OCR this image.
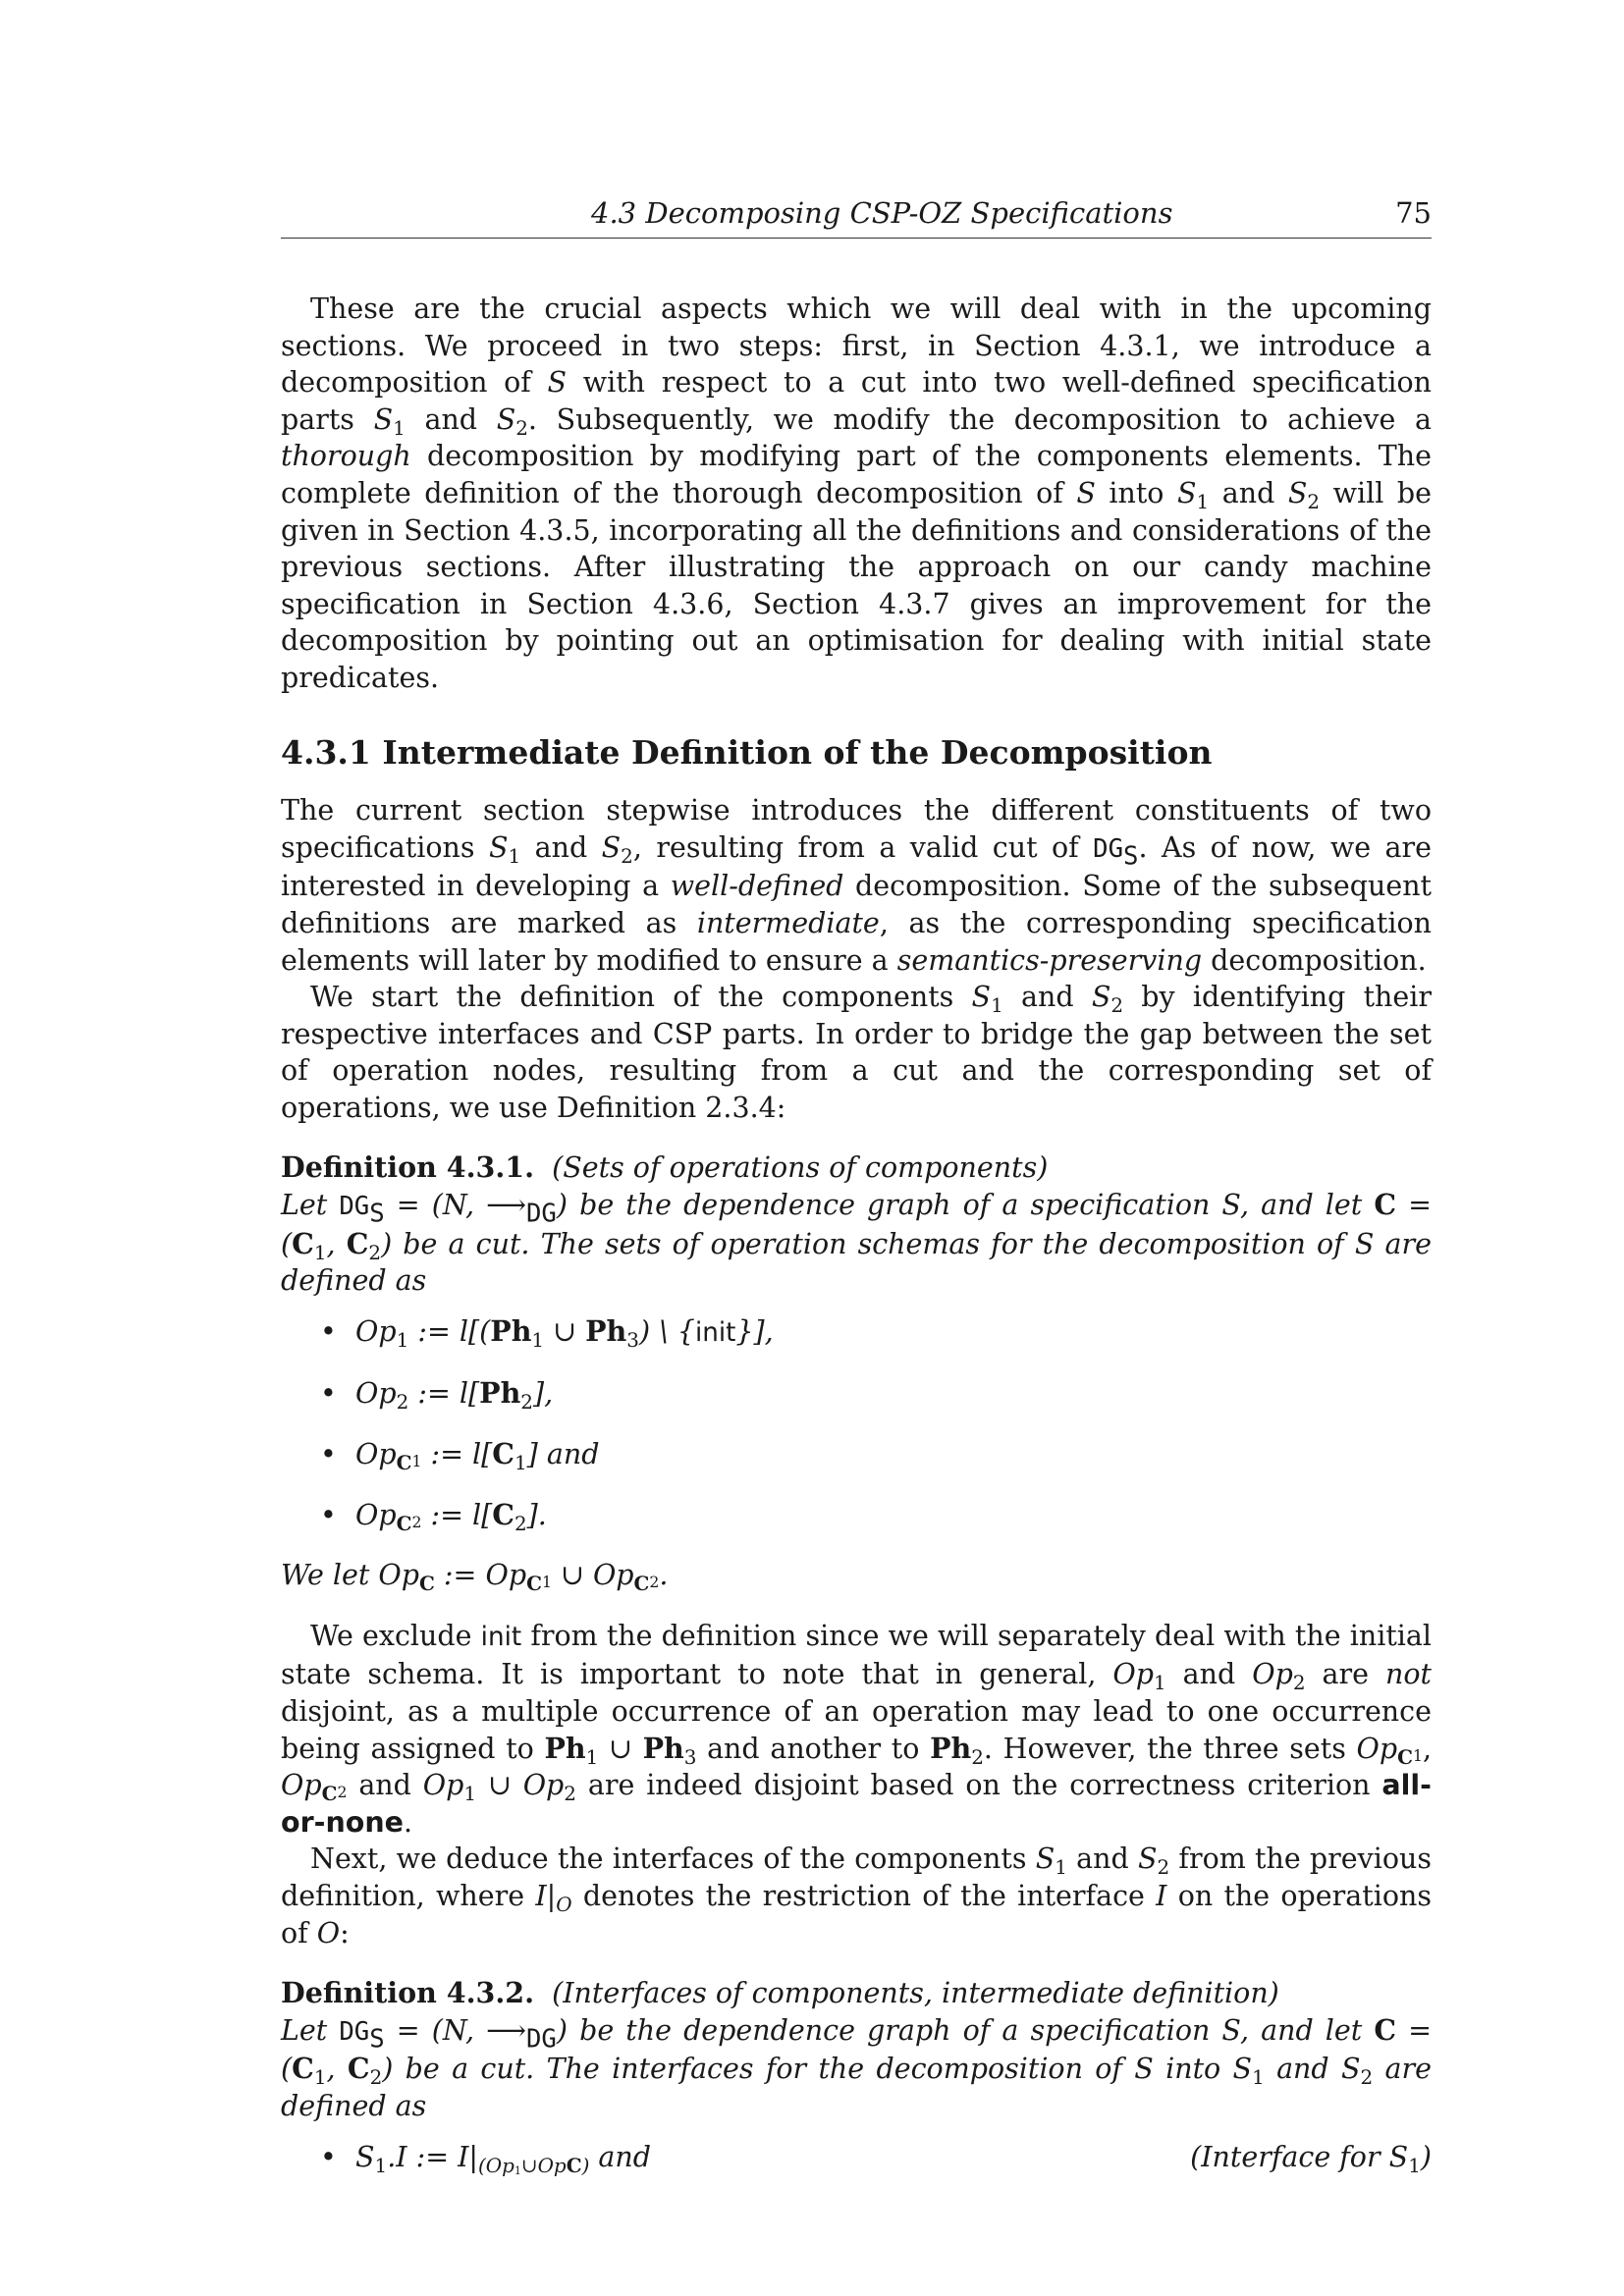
4.3 Decomposing CSP-OZ Specifications	75

These are the crucial aspects which we will deal with in the upcoming sections. We proceed in two steps: first, in Section 4.3.1, we introduce a decomposition of S with respect to a cut into two well-defined specification parts $S_1$ and $S_2$. Subsequently, we modify the decomposition to achieve a thorough decomposition by modifying part of the components elements. The complete definition of the thorough decomposition of S into $S_1$ and $S_2$ will be given in Section 4.3.5, incorporating all the definitions and considerations of the previous sections. After illustrating the approach on our candy machine specification in Section 4.3.6, Section 4.3.7 gives an improvement for the decomposition by pointing out an optimisation for dealing with initial state predicates.

4.3.1 Intermediate Definition of the Decomposition

The current section stepwise introduces the different constituents of two specifications $S_1$ and $S_2$, resulting from a valid cut of DGS. As of now, we are interested in developing a well-defined decomposition. Some of the subsequent definitions are marked as intermediate, as the corresponding specification elements will later by modified to ensure a semantics-preserving decomposition.

We start the definition of the components $S_1$ and $S_2$ by identifying their respective interfaces and CSP parts. In order to bridge the gap between the set of operation nodes, resulting from a cut and the corresponding set of operations, we use Definition 2.3.4:

Definition 4.3.1. (Sets of operations of components)

Let DGS = (N, ⟶DG) be the dependence graph of a specification S, and let $C = (C_1$, $C_2$) be a cut. The sets of operation schemas for the decomposition of S are defined as

• $Op_1$ := $l[(Ph_1$ ∪ $Ph_3$) \ {init}],
• $Op_2$ := $l[Ph_2]$,
• $Op_C1$ := $l[C_1]$ and
• $Op_C2$ := $l[C_2]$.

We let $Op_C$ := $Op_C1$ ∪ $Op_C2$.

We exclude init from the definition since we will separately deal with the initial state schema. It is important to note that in general, $Op_1$ and $Op_2$ are not disjoint, as a multiple occurrence of an operation may lead to one occurrence being assigned to $Ph_1$ ∪ $Ph_3$ and another to $Ph_2$. However, the three sets $Op_C1$, $Op_C2$ and $Op_1$ ∪ $Op_2$ are indeed disjoint based on the correctness criterion all-or-none.

Next, we deduce the interfaces of the components $S_1$ and $S_2$ from the previous definition, where $I|_O$ denotes the restriction of the interface I on the operations of O:

Definition 4.3.2. (Interfaces of components, intermediate definition)

Let DGS = (N, ⟶DG) be the dependence graph of a specification S, and let $C = (C_1$, $C_2$) be a cut. The interfaces for the decomposition of S into $S_1$ and $S_2$ are defined as

• $S_1.I$ := $I|_{(Op1\cup OpC)}$ and	(Interface for $S_1$)
